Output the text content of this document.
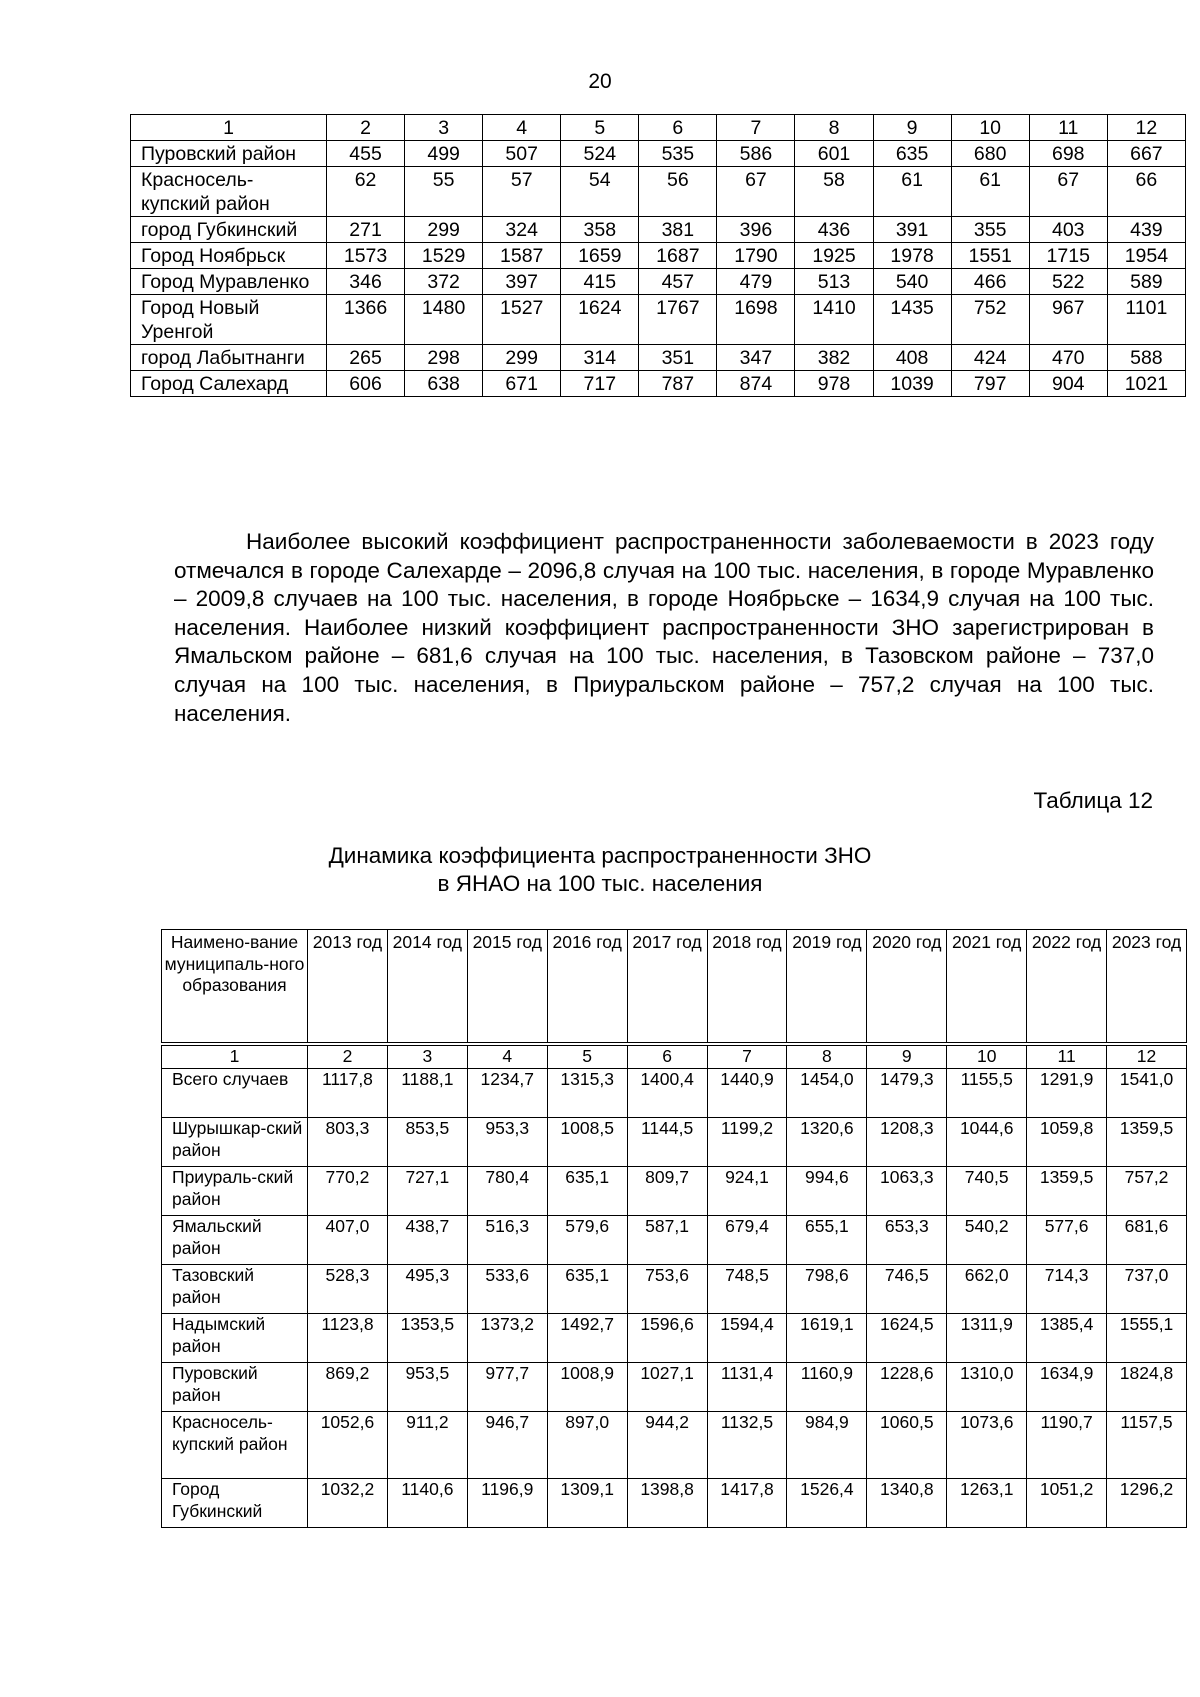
20
1	2	3	4	5	6	7	8	9	10	11	12
Пуровский район	455	499	507	524	535	586	601	635	680	698	667
Красносель-купский район	62	55	57	54	56	67	58	61	61	67	66
город Губкинский	271	299	324	358	381	396	436	391	355	403	439
Город Ноябрьск	1573	1529	1587	1659	1687	1790	1925	1978	1551	1715	1954
Город Муравленко	346	372	397	415	457	479	513	540	466	522	589
Город Новый Уренгой	1366	1480	1527	1624	1767	1698	1410	1435	752	967	1101
город Лабытнанги	265	298	299	314	351	347	382	408	424	470	588
Город Салехард	606	638	671	717	787	874	978	1039	797	904	1021

Наиболее высокий коэффициент распространенности заболеваемости в 2023 году отмечался в городе Салехарде – 2096,8 случая на 100 тыс. населения, в городе Муравленко – 2009,8 случаев на 100 тыс. населения, в городе Ноябрьске – 1634,9 случая на 100 тыс. населения. Наиболее низкий коэффициент распространенности ЗНО зарегистрирован в Ямальском районе – 681,6 случая на 100 тыс. населения, в Тазовском районе – 737,0 случая на 100 тыс. населения, в Приуральском районе – 757,2 случая на 100 тыс. населения.

Таблица 12
Динамика коэффициента распространенности ЗНО
в ЯНАО на 100 тыс. населения
Наимено-вание муниципаль-ного образования	2013 год	2014 год	2015 год	2016 год	2017 год	2018 год	2019 год	2020 год	2021 год	2022 год	2023 год
1	2	3	4	5	6	7	8	9	10	11	12
Всего случаев	1117,8	1188,1	1234,7	1315,3	1400,4	1440,9	1454,0	1479,3	1155,5	1291,9	1541,0
Шурышкар-ский район	803,3	853,5	953,3	1008,5	1144,5	1199,2	1320,6	1208,3	1044,6	1059,8	1359,5
Приураль-ский район	770,2	727,1	780,4	635,1	809,7	924,1	994,6	1063,3	740,5	1359,5	757,2
Ямальский район	407,0	438,7	516,3	579,6	587,1	679,4	655,1	653,3	540,2	577,6	681,6
Тазовский район	528,3	495,3	533,6	635,1	753,6	748,5	798,6	746,5	662,0	714,3	737,0
Надымский район	1123,8	1353,5	1373,2	1492,7	1596,6	1594,4	1619,1	1624,5	1311,9	1385,4	1555,1
Пуровский район	869,2	953,5	977,7	1008,9	1027,1	1131,4	1160,9	1228,6	1310,0	1634,9	1824,8
Красносель-купский район	1052,6	911,2	946,7	897,0	944,2	1132,5	984,9	1060,5	1073,6	1190,7	1157,5
Город Губкинский	1032,2	1140,6	1196,9	1309,1	1398,8	1417,8	1526,4	1340,8	1263,1	1051,2	1296,2
